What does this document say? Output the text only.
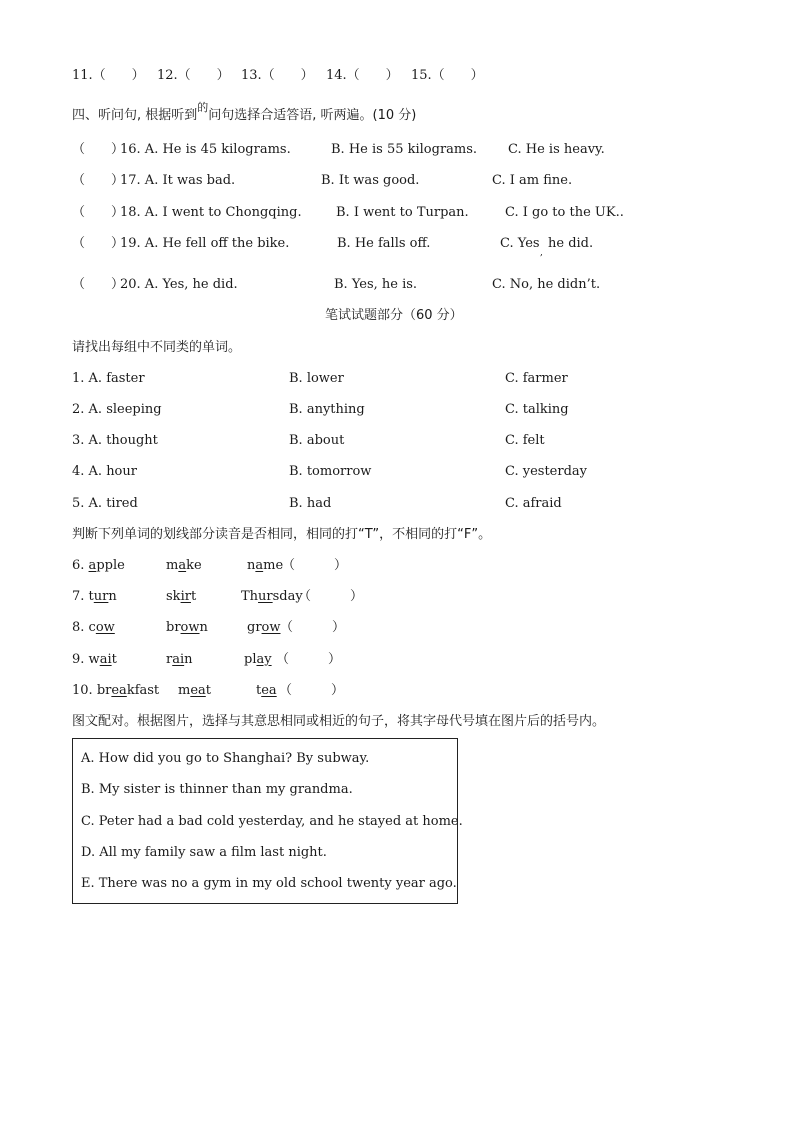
11.（　　） 12.（　　） 13.（　　） 14.（　　） 15.（　　）
四、听问句, 根据听到$^的$问句选择合适答语, 听两遍。(10 分)
（　　）
16. A. He is 45 kilograms.	B. He is 55 kilograms. C. He is heavy.
（　　）
17. A. It was bad.	B. It was good.	C. I am fine.
（　　）
18. A. I went to Chongqing.	B. I went to Turpan.	C. I go to the UK..
（　　）
19. A. He fell off the bike.	B. He falls off.	C. Yes
,
he did.
（　　）
20. A. Yes, he did.	B. Yes, he is.	C. No, he didn’t.
笔试试题部分（60 分）
请找出每组中不同类的单词。
1. A. faster	B. lower	C. farmer
2. A. sleeping	B. anything	C. talking
3. A. thought	B. about	C. felt
4. A. hour	B. tomorrow	C. yesterday
5. A. tired	B. had	C. afraid
判断下列单词的划线部分读音是否相同，相同的打“T”，不相同的打“F”。
6. apple	make	name
（　　　）
7. turn	skirt	Thursday
（　　　）
8. cow	brown	grow （　　　）
9. wait	rain	play （　　　）
10. breakfast meat	tea （　　　）
图文配对。根据图片，选择与其意思相同或相近的句子，将其字母代号填在图片后的括号内。
A. How did you go to Shanghai? By subway.
B. My sister is thinner than my grandma.
C. Peter had a bad cold yesterday, and he stayed at home.
D. All my family saw a film last night.
E. There was no a gym in my old school twenty year ago.
